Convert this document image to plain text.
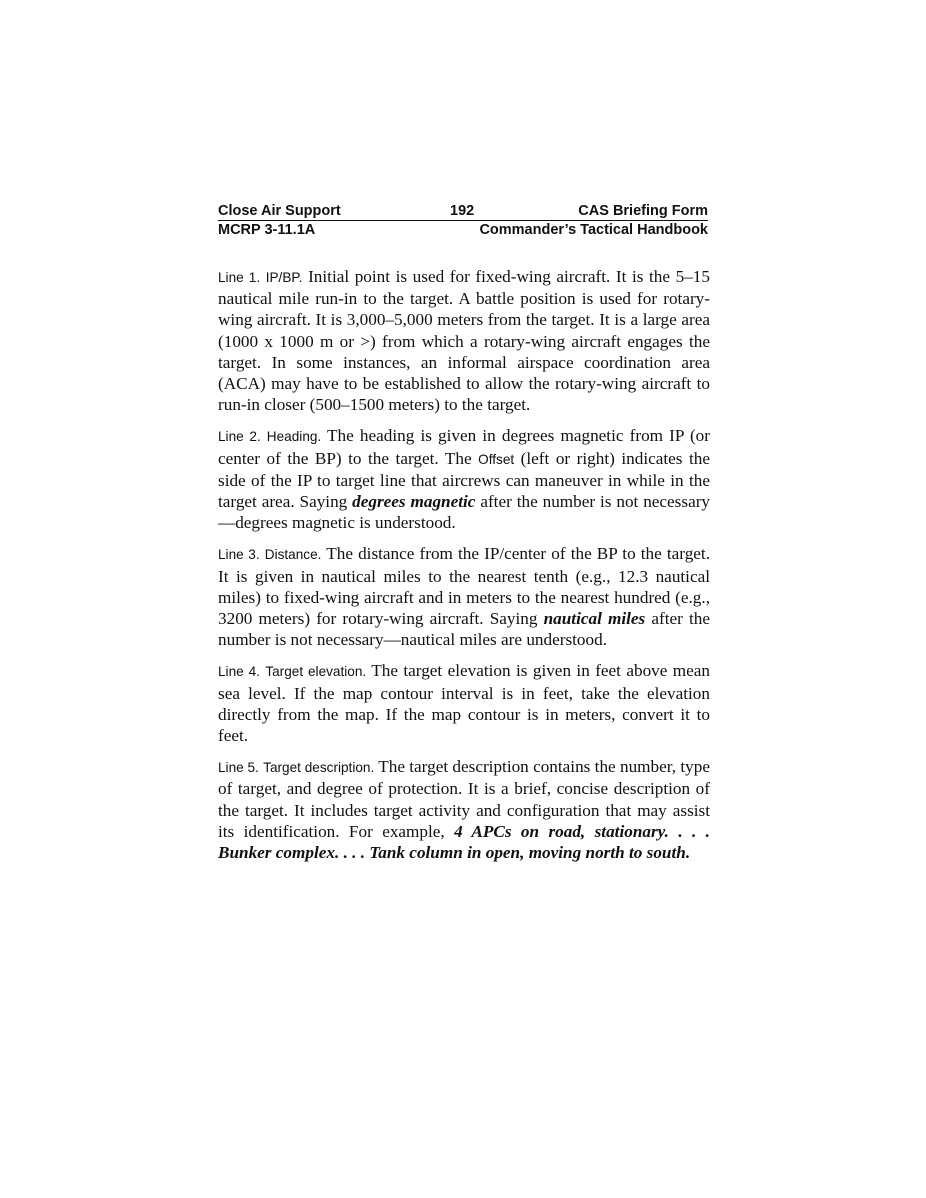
Close Air Support	192	CAS Briefing Form
MCRP 3-11.1A	Commander’s Tactical Handbook

Line 1. IP/BP. Initial point is used for fixed-wing aircraft. It is the 5–15 nautical mile run-in to the target. A battle position is used for rotary-wing aircraft. It is 3,000–5,000 meters from the target. It is a large area (1000 x 1000 m or >) from which a rotary-wing aircraft engages the target. In some instances, an informal airspace coordination area (ACA) may have to be established to allow the rotary-wing aircraft to run-in closer (500–1500 meters) to the target.

Line 2. Heading. The heading is given in degrees magnetic from IP (or center of the BP) to the target. The Offset (left or right) indicates the side of the IP to target line that aircrews can maneuver in while in the target area. Saying degrees magnetic after the number is not necessary—degrees magnetic is understood.

Line 3. Distance. The distance from the IP/center of the BP to the target. It is given in nautical miles to the nearest tenth (e.g., 12.3 nautical miles) to fixed-wing aircraft and in meters to the nearest hundred (e.g., 3200 meters) for rotary-wing aircraft. Saying nautical miles after the number is not necessary—nautical miles are understood.

Line 4. Target elevation. The target elevation is given in feet above mean sea level. If the map contour interval is in feet, take the elevation directly from the map. If the map contour is in meters, convert it to feet.

Line 5. Target description. The target description contains the number, type of target, and degree of protection. It is a brief, concise description of the target. It includes target activity and configuration that may assist its identification. For example, 4 APCs on road, stationary. . . . Bunker complex. . . . Tank column in open, moving north to south.
